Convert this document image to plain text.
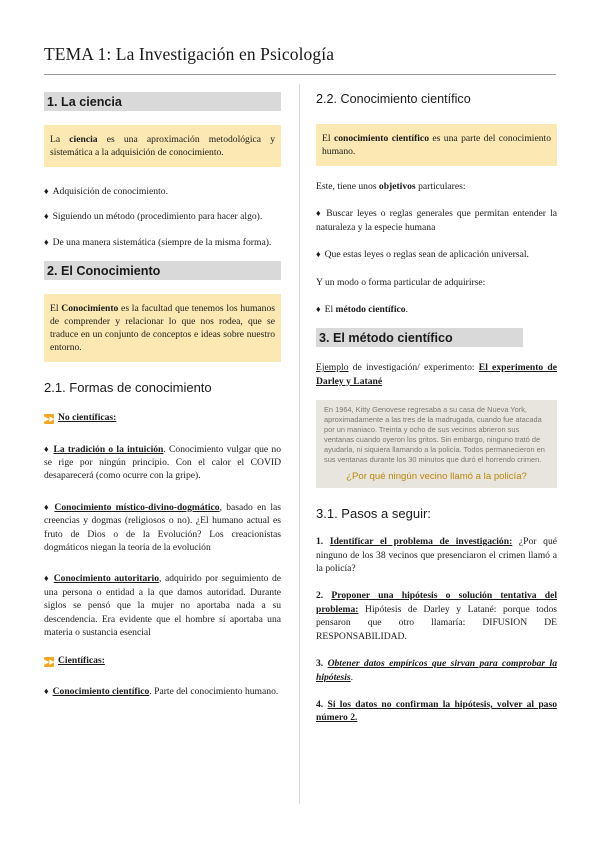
TEMA 1: La Investigación en Psicología
1. La ciencia
La ciencia es una aproximación metodológica y sistemática a la adquisición de conocimiento.

♦ Adquisición de conocimiento.

♦ Siguiendo un método (procedimiento para hacer algo).

♦ De una manera sistemática (siempre de la misma forma).

2. El Conocimiento
El Conocimiento es la facultad que tenemos los humanos de comprender y relacionar lo que nos rodea, que se traduce en un conjunto de conceptos e ideas sobre nuestro entorno.
2.1. Formas de conocimiento

▶▶ No científicas:

♦ La tradición o la intuición. Conocimiento vulgar que no se rige por ningún principio. Con el calor el COVID desaparecerá (como ocurre con la gripe).

♦ Conocimiento místico-divino-dogmático, basado en las creencias y dogmas (religiosos o no). ¿El humano actual es fruto de Dios o de la Evolución? Los creacionistas dogmáticos niegan la teoría de la evolución

♦ Conocimiento autoritario, adquirido por seguimiento de una persona o entidad a la que damos autoridad. Durante siglos se pensó que la mujer no aportaba nada a su descendencia. Era evidente que el hombre sí aportaba una materia o sustancia esencial

▶▶ Científicas:

♦ Conocimiento científico. Parte del conocimiento humano.

2.2. Conocimiento científico
El conocimiento científico es una parte del conocimiento humano.

Este, tiene unos objetivos particulares:

♦ Buscar leyes o reglas generales que permitan entender la naturaleza y la especie humana

♦ Que estas leyes o reglas sean de aplicación universal.

Y un modo o forma particular de adquirirse:

♦ El método científico.

3. El método científico

Ejemplo de investigación/ experimento: El experimento de Darley y Latané

En 1964, Kitty Genovese regresaba a su casa de Nueva York, aproximadamente a las tres de la madrugada, cuando fue atacada por un maniaco. Treinta y ocho de sus vecinos abrieron sus ventanas cuando oyeron los gritos. Sin embargo, ninguno trató de ayudarla, ni siquiera llamando a la policía. Todos permanecieron en sus ventanas durante los 30 minutos que duró el horrendo crimen.
¿Por qué ningún vecino llamó a la policía?
3.1. Pasos a seguir:

1. Identificar el problema de investigación: ¿Por qué ninguno de los 38 vecinos que presenciaron el crimen llamó a la policía?

2. Proponer una hipótesis o solución tentativa del problema: Hipótesis de Darley y Latané: porque todos pensaron que otro llamaría: DIFUSION DE RESPONSABILIDAD.

3. Obtener datos empíricos que sirvan para comprobar la hipótesis.

4. Si los datos no confirman la hipótesis, volver al paso número 2.
